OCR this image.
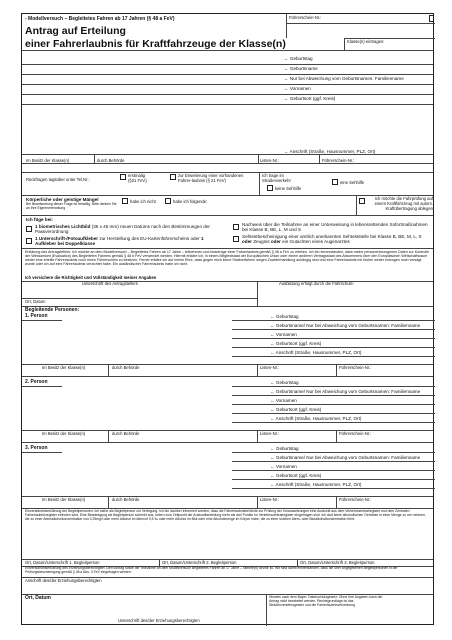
- Modellversuch – Begleitetes Fahren ab 17 Jahren (§ 48 a FeV)
Antrag auf Erteilung
einer Fahrerlaubnis für Kraftfahrzeuge der Klasse(n)
Führerschein-Nr.:
Klasse(n) eintragen:
← Geburtstag
← Geburtsname
← Nur bei Abweichung vom Geburtsnamen: Familienname
← Vornamen
← Geburtsort (ggf. Kreis)
← Anschrift (Straße, Hausnummer, PLZ, Ort)
Im Besitz der Klasse(n)	durch Behörde	Listen-Nr.:	Führerschein-Nr.:
Rückfragen tagsüber unter Tel.Nr.:
erstmalig
(§21 FeV)
zur Erweiterung einer vorhandenen Fahrer-laubnis (§ 21 FeV)
Ich trage im Straßenverkehr
keine Sehhilfe
eine Sehhilfe
Körperliche oder geistige Mängel
Bei Beantwortung dieser Frage ist freiwillig. Bitte denken Sie an Ihre Eignemeterarkung
habe ich nicht	habe ich folgende:
Ich möchte die Fahrprüfung auf einem Kraftfahrzeug mit autom. Kraftübertragung ablegen
Ich füge bei:
1 biometrisches Lichtbild (35 x 45 mm) neuen Datums nach den Bestimmungen der Passverordnung
1 Unterschrift-/Fotoaufkleber zur Herstellung des EU-Kartenführerscheins oder 1 Aufkleber bei Doppelklasse
Nachweis über die Teilnahme an einer Unterweisung in lebensrettenden Sofortmaßnahmen bei Klasse B, BE, L, M und S
Sehtestbescheinigung einer amtlich anerkannten Sehteststelle bei Klasse B, BE, M, L, S oder Zeugnis oder ein Gutachten eines Augenarztes
Erklärung des Antragstellers: Ich möchte an dem Modellversuch – Begleitetes Fahren ab 17 Jahre – teilnehmen und beantrage einer Fahrerlaubnis gemäß § 48 a FeV zu erteilen. Ich bin einverstanden, dass meine personenbezogenen Daten zur Kontrolle der Wirksamkeit (Evaluation) des Begleiteten Fahrens gemäß § 48 b FeV verwendet werden. Hiermit erkläre ich, in einem Mitgliedstaat der Europäischen Union oder einem anderen Vertragsstaat des Abkommens über den Europäischen Wirtschaftsraum weder eine erteilte Fahrerlaubnis noch einen Führerschein zu besitzen. Ferner erkläre ich auf meine Ehre, dass gegen mich keine Strafverfahren wegen Zuwiderhandlung anhängig sind und eine Fahrerlaubnis mir bisher weder entzogen noch versagt wurde oder ich auf eine Fahrerlaubnis verzichtet habe. Ein ausländischer Fahrerlaubnis habe ich nicht.
Ich versichere die Richtigkeit und Vollständigkeit meiner Angaben
Unterschrift des Antragstellers	Ausbildung erfolgt durch die Fahrschule:
Ort, Datum
Begleitende Personen:
1. Person	← Geburtstag
← Geburtsname/ Nur bei Abweichung vom Geburtsnamen: Familienname
← Vornamen
← Geburtsort (ggf. Kreis)
← Anschrift (Straße, Hausnummer, PLZ, Ort)
Im Besitz der Klasse(n)	durch Behörde	Listen-Nr.:	Führerschein-Nr.:
2. Person	← Geburtstag
← Geburtsname/ Nur bei Abweichung vom Geburtsnamen: Familienname
← Vornamen
← Geburtsort (ggf. Kreis)
← Anschrift (Straße, Hausnummer, PLZ, Ort)
Im Besitz der Klasse(n)	durch Behörde	Listen-Nr.:	Führerschein-Nr.:
3. Person	← Geburtstag
← Geburtsname/ Nur bei Abweichung vom Geburtsnamen: Familienname
← Vornamen
← Geburtsort (ggf. Kreis)
← Anschrift (Straße, Hausnummer, PLZ, Ort)
Im Besitz der Klasse(n)	durch Behörde	Listen-Nr.:	Führerschein-Nr.:
Einverständniserklärung der Begleitpersonen: Ich stehe als Begleitperson zur Verfügung. Ich bin darüber informiert worden, dass die Fahrerlaubnisbehörde zur Prüfung der Voraussetzungen eine Auskunft aus dem Verkehrszentralregister und dem Zentralen Fahrerlaubnisregister einholen wird. Eine Beantragung als Begleitperson schreibt aus, sofern zum Zeitpunkt der Auskunftserteilung mehr als drei Punkte im Verkehrszentralregister eingetragen sind. Ich darf keine alkoholischen Getränke in einer Menge zu mir nehmen, die zu einer Atemalkoholkonzentration von 0,25mg/l oder mehr Alkohol im Atem/of 0,5 ‰ oder mehr Alkohol im Blut oder eine Alkoholmenge im Körper habe, die zu einer solchen Atem- oder Blutalkoholkonzentration führt.
Ort, Datum/Unterschrift 1. Begleitperson	Ort, Datum/Unterschrift 2. Begleitperson	Ort, Datum/Unterschrift 3. Begleitperson
Einverständniserklärung des Erziehungsberechtigten: Dem Antrag sowie der Teilnahme an dem Modellversuch Begleitetes Fahren ab 17 Jahre – stimme(n) ich/wir zu. Wir sind damit einverstanden, dass die über angegebenen Begleitpersonen in der Prüfungsbescheinigung gemäß § 48 a Abs. 3 FeV eingetragen werden.
Anschrift des/der Erziehungsberechtigten
Ort, Datum
Unterschrift des/der Erziehungsberechtigten
Hinweis nach dem Bayer. Datenschutzgesetz: Ohne Ihre Angaben kann der Antrag nicht bearbeitet werden. Rechtsgrundlage ist das Straßenverkehrsgesetz und die Fahrerlaubnisverordnung
